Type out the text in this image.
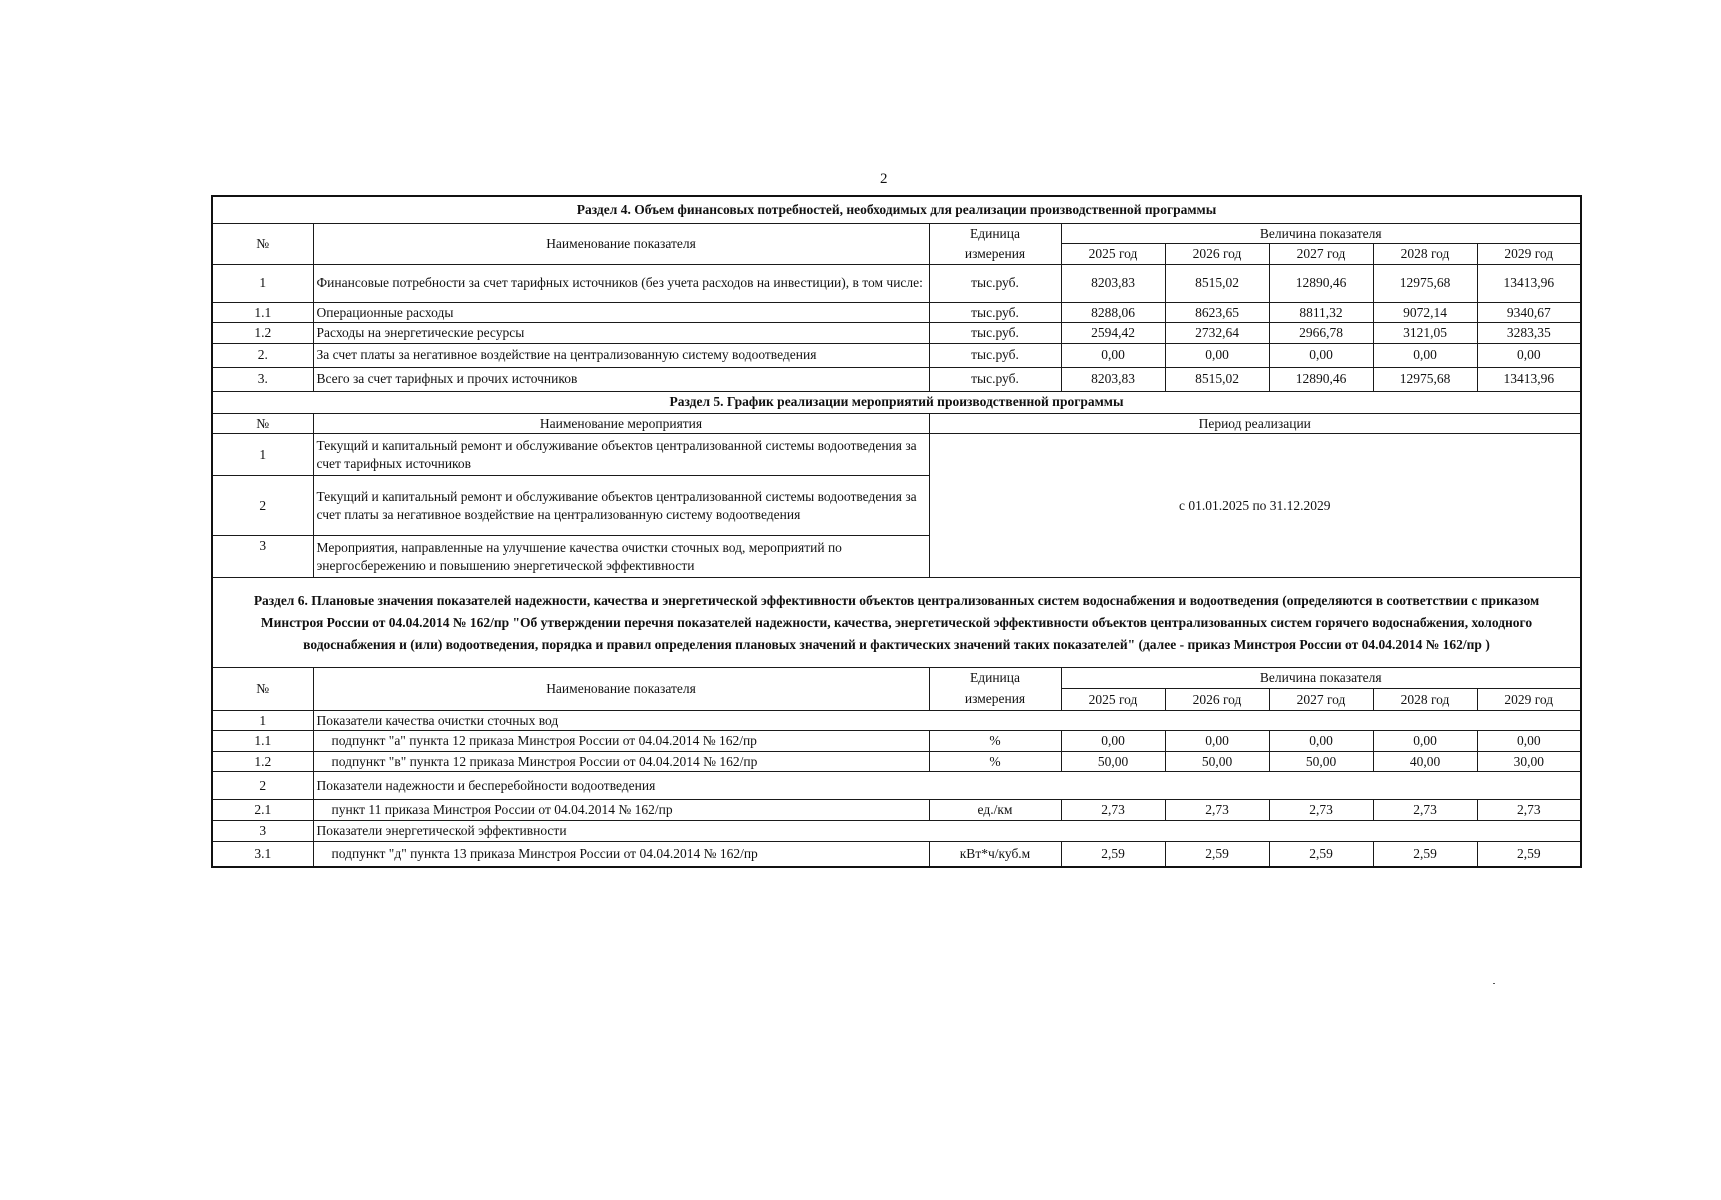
2
Раздел 4. Объем финансовых потребностей, необходимых для реализации производственной программы							
№	Наименование показателя	Единица	Величина показателя				
		измерения	2025 год	2026 год	2027 год	2028 год	2029 год
1	Финансовые потребности за счет тарифных источников (без учета расходов на инвестиции), в том числе:	тыс.руб.	8203,83	8515,02	12890,46	12975,68	13413,96
1.1	Операционные расходы	тыс.руб.	8288,06	8623,65	8811,32	9072,14	9340,67
1.2	Расходы на энергетические ресурсы	тыс.руб.	2594,42	2732,64	2966,78	3121,05	3283,35
2.	За счет платы за негативное воздействие на централизованную систему водоотведения	тыс.руб.	0,00	0,00	0,00	0,00	0,00
3.	Всего за счет тарифных и прочих источников	тыс.руб.	8203,83	8515,02	12890,46	12975,68	13413,96
Раздел 5. График реализации мероприятий производственной программы							
№	Наименование мероприятия	Период реализации					
1	Текущий и капитальный ремонт и обслуживание объектов централизованной системы водоотведения за счет тарифных источников	с 01.01.2025 по 31.12.2029					
2	Текущий и капитальный ремонт и обслуживание объектов централизованной системы водоотведения за счет платы за негативное воздействие на централизованную систему водоотведения						
3	Мероприятия, направленные на улучшение качества очистки сточных вод, мероприятий по энергосбережению и повышению энергетической эффективности						
Раздел 6. Плановые значения показателей надежности, качества и энергетической эффективности объектов централизованных систем водоснабжения и водоотведения (определяются в соответствии с приказом Минстроя России от 04.04.2014 № 162/пр "Об утверждении перечня показателей надежности, качества, энергетической эффективности объектов централизованных систем горячего водоснабжения, холодного водоснабжения и (или) водоотведения, порядка и правил определения плановых значений и фактических значений таких показателей" (далее - приказ Минстроя России от 04.04.2014 № 162/пр )							
№	Наименование показателя	Единица	Величина показателя				
		измерения	2025 год	2026 год	2027 год	2028 год	2029 год
1	Показатели качества очистки сточных вод						
1.1	подпункт "а" пункта 12 приказа Минстроя России от 04.04.2014 № 162/пр	%	0,00	0,00	0,00	0,00	0,00
1.2	подпункт "в" пункта 12 приказа Минстроя России от 04.04.2014 № 162/пр	%	50,00	50,00	50,00	40,00	30,00
2	Показатели надежности и бесперебойности водоотведения						
2.1	пункт 11 приказа Минстроя России от 04.04.2014 № 162/пр	ед./км	2,73	2,73	2,73	2,73	2,73
3	Показатели энергетической эффективности						
3.1	подпункт "д" пункта 13 приказа Минстроя России от 04.04.2014 № 162/пр	кВт*ч/куб.м	2,59	2,59	2,59	2,59	2,59
